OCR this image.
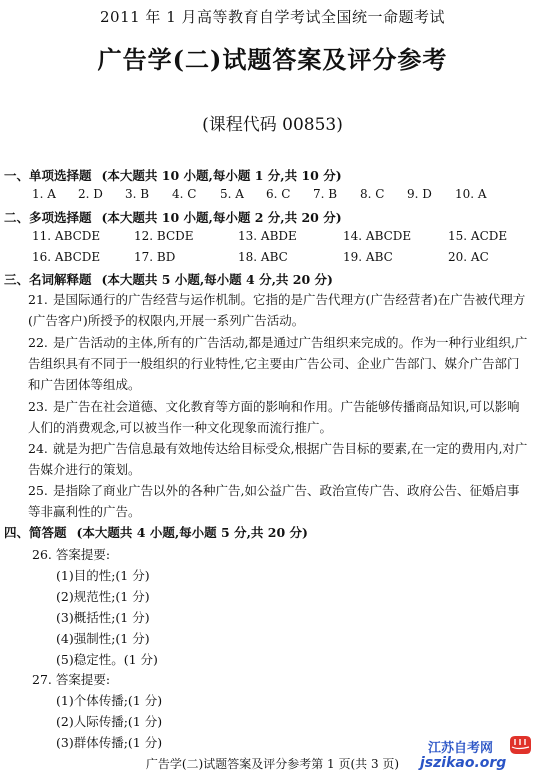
2011 年 1 月高等教育自学考试全国统一命题考试
广告学(二)试题答案及评分参考
(课程代码 00853)
一、单项选择题 (本大题共 10 小题,每小题 1 分,共 10 分)
1. A 2. D 3. B 4. C 5. A 6. C 7. B 8. C 9. D 10. A
二、多项选择题 (本大题共 10 小题,每小题 2 分,共 20 分)
11. ABCDE	12. BCDE	13. ABDE	14. ABCDE	15. ACDE
16. ABCDE	17. BD	18. ABC	19. ABC	20. AC
三、名词解释题 (本大题共 5 小题,每小题 4 分,共 20 分)
21. 是国际通行的广告经营与运作机制。它指的是广告代理方(广告经营者)在广告被代理方(广告客户)所授予的权限内,开展一系列广告活动。
22. 是广告活动的主体,所有的广告活动,都是通过广告组织来完成的。作为一种行业组织,广告组织具有不同于一般组织的行业特性,它主要由广告公司、企业广告部门、媒介广告部门和广告团体等组成。
23. 是广告在社会道德、文化教育等方面的影响和作用。广告能够传播商品知识,可以影响人们的消费观念,可以被当作一种文化现象而流行推广。
24. 就是为把广告信息最有效地传达给目标受众,根据广告目标的要素,在一定的费用内,对广告媒介进行的策划。
25. 是指除了商业广告以外的各种广告,如公益广告、政治宣传广告、政府公告、征婚启事等非赢利性的广告。
四、简答题 (本大题共 4 小题,每小题 5 分,共 20 分)
26. 答案提要:
(1)目的性;(1 分)
(2)规范性;(1 分)
(3)概括性;(1 分)
(4)强制性;(1 分)
(5)稳定性。(1 分)
27. 答案提要:
(1)个体传播;(1 分)
(2)人际传播;(1 分)
(3)群体传播;(1 分)
广告学(二)试题答案及评分参考第 1 页(共 3 页)
江苏自考网
jszikao.org
